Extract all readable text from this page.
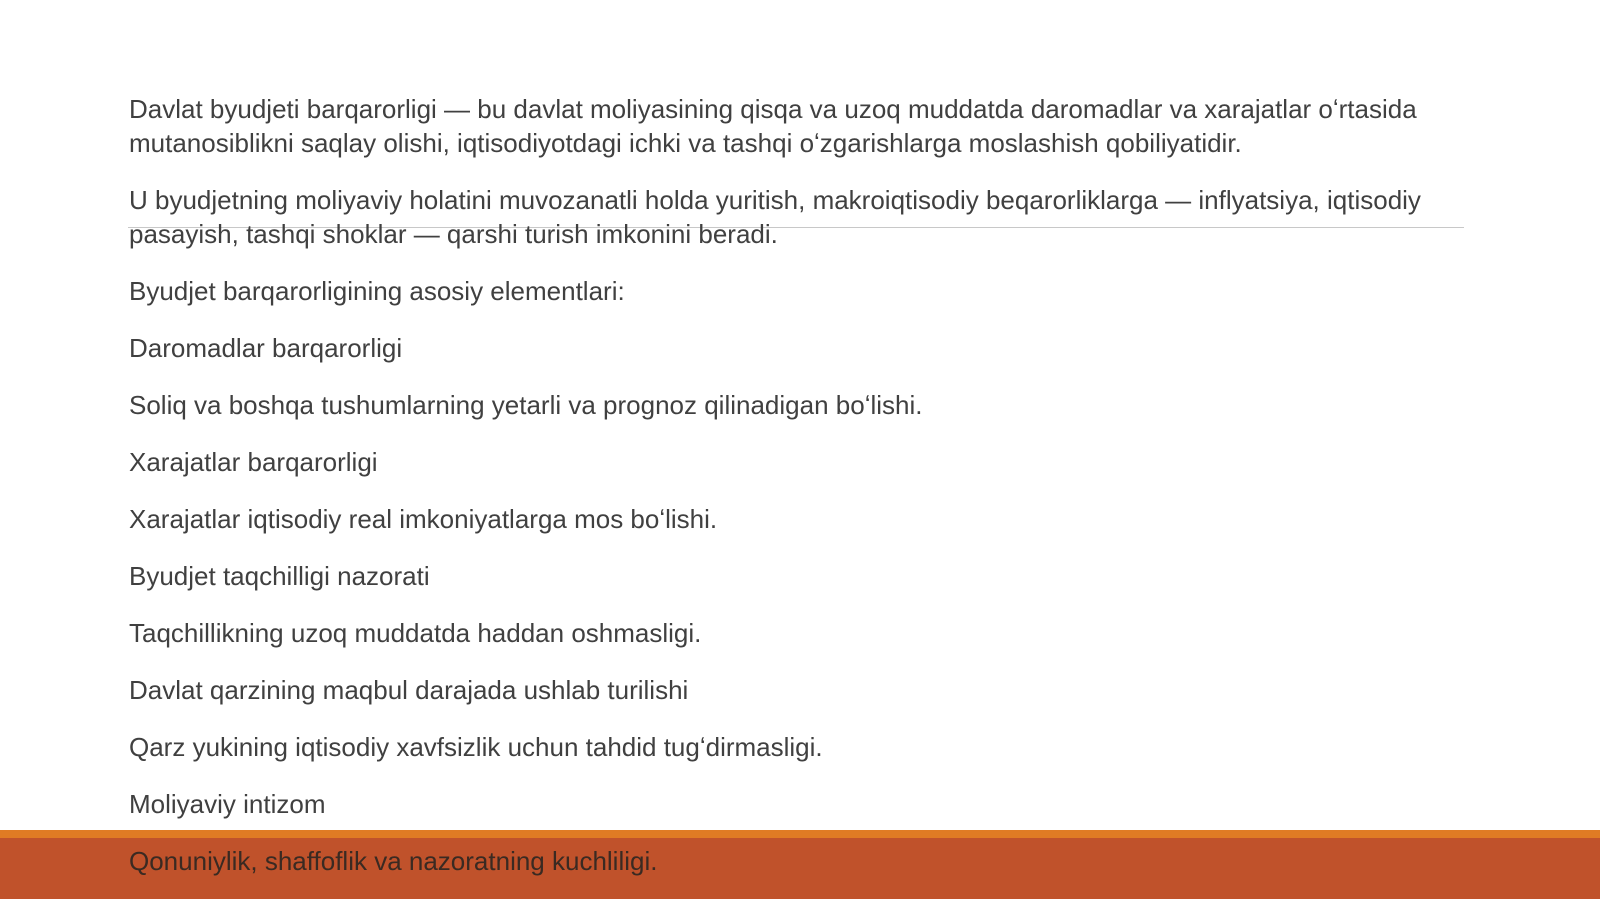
Davlat byudjeti barqarorligi — bu davlat moliyasining qisqa va uzoq muddatda daromadlar va xarajatlar oʻrtasida mutanosiblikni saqlay olishi, iqtisodiyotdagi ichki va tashqi oʻzgarishlarga moslashish qobiliyatidir.

U byudjetning moliyaviy holatini muvozanatli holda yuritish, makroiqtisodiy beqarorliklarga — inflyatsiya, iqtisodiy pasayish, tashqi shoklar — qarshi turish imkonini beradi.

Byudjet barqarorligining asosiy elementlari:

Daromadlar barqarorligi

Soliq va boshqa tushumlarning yetarli va prognoz qilinadigan boʻlishi.

Xarajatlar barqarorligi

Xarajatlar iqtisodiy real imkoniyatlarga mos boʻlishi.

Byudjet taqchilligi nazorati

Taqchillikning uzoq muddatda haddan oshmasligi.

Davlat qarzining maqbul darajada ushlab turilishi

Qarz yukining iqtisodiy xavfsizlik uchun tahdid tugʻdirmasligi.

Moliyaviy intizom

Qonuniylik, shaffoflik va nazoratning kuchliligi.
